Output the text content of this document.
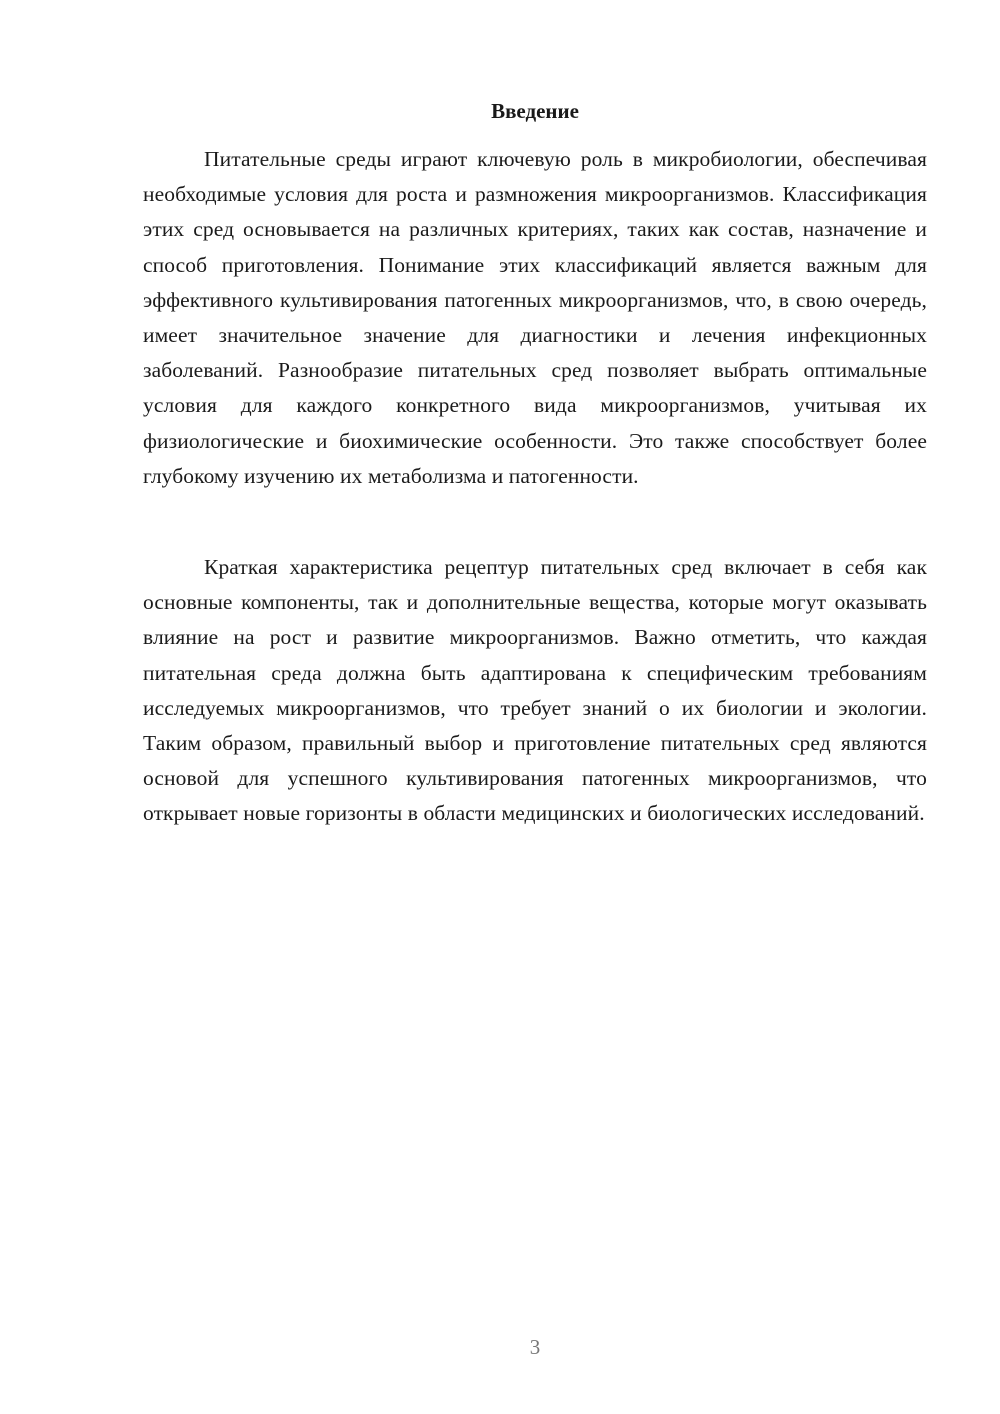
Введение

Питательные среды играют ключевую роль в микробиологии, обеспечивая необходимые условия для роста и размножения микроорганизмов. Классификация этих сред основывается на различных критериях, таких как состав, назначение и способ приготовления. Понимание этих классификаций является важным для эффективного культивирования патогенных микроорганизмов, что, в свою очередь, имеет значительное значение для диагностики и лечения инфекционных заболеваний. Разнообразие питательных сред позволяет выбрать оптимальные условия для каждого конкретного вида микроорганизмов, учитывая их физиологические и биохимические особенности. Это также способствует более глубокому изучению их метаболизма и патогенности.

Краткая характеристика рецептур питательных сред включает в себя как основные компоненты, так и дополнительные вещества, которые могут оказывать влияние на рост и развитие микроорганизмов. Важно отметить, что каждая питательная среда должна быть адаптирована к специфическим требованиям исследуемых микроорганизмов, что требует знаний о их биологии и экологии. Таким образом, правильный выбор и приготовление питательных сред являются основой для успешного культивирования патогенных микроорганизмов, что открывает новые горизонты в области медицинских и биологических исследований.

3
